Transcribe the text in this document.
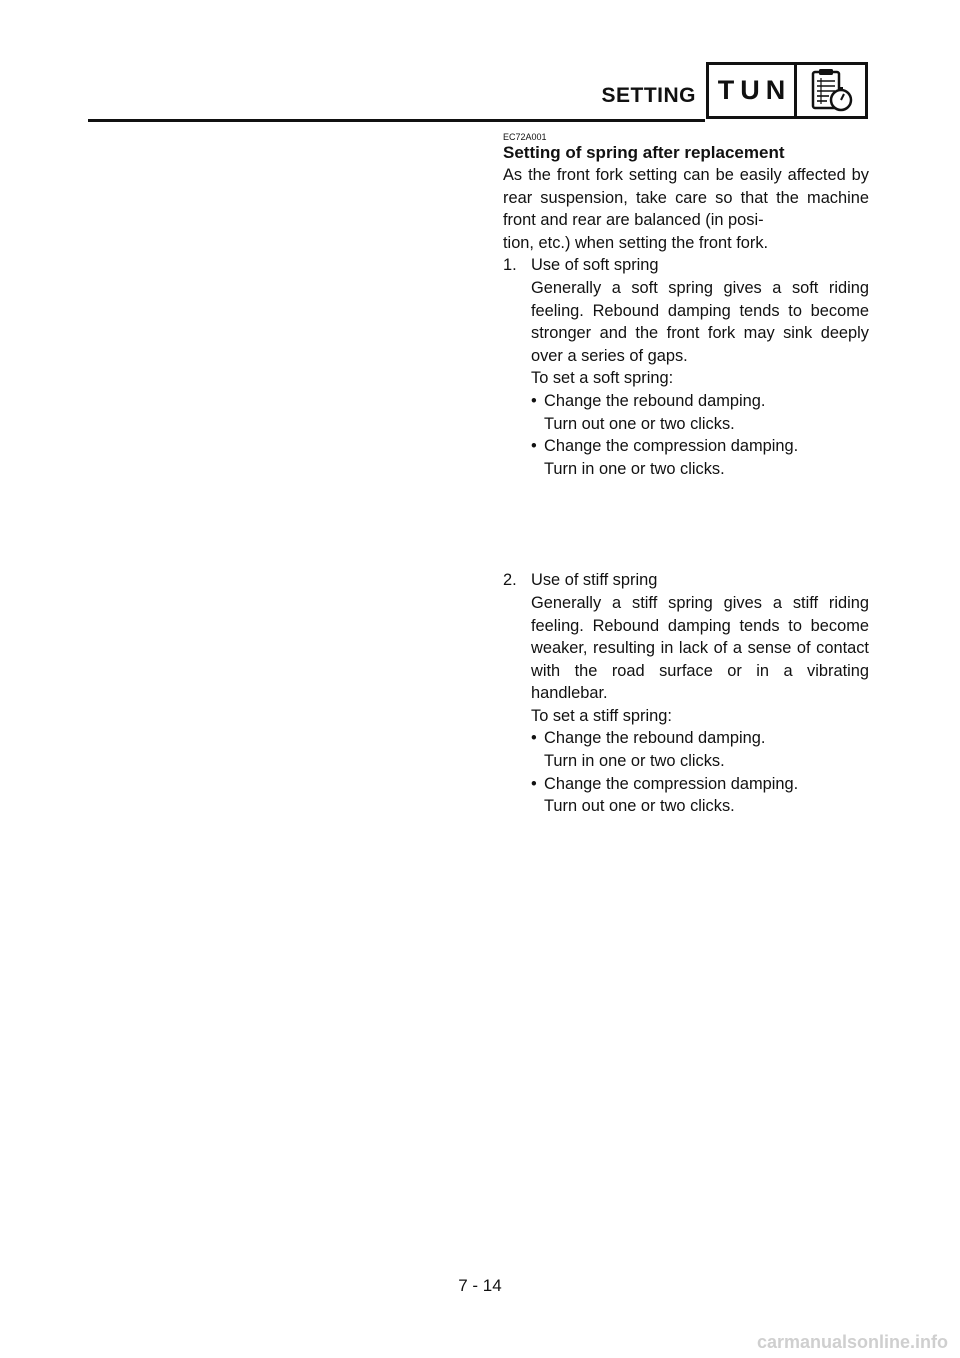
SETTING TUN
EC72A001
Setting of spring after replacement
As the front fork setting can be easily affected by rear suspension, take care so that the machine front and rear are balanced (in posi-
tion, etc.) when setting the front fork.
1. Use of soft spring
Generally a soft spring gives a soft riding feeling. Rebound damping tends to become stronger and the front fork may sink deeply over a series of gaps.
To set a soft spring:
• Change the rebound damping.
Turn out one or two clicks.
• Change the compression damping.
Turn in one or two clicks.
2. Use of stiff spring
Generally a stiff spring gives a stiff riding feeling. Rebound damping tends to become weaker, resulting in lack of a sense of contact with the road surface or in a vibrating handlebar.
To set a stiff spring:
• Change the rebound damping.
Turn in one or two clicks.
• Change the compression damping.
Turn out one or two clicks.
7 - 14
carmanualsonline.info
